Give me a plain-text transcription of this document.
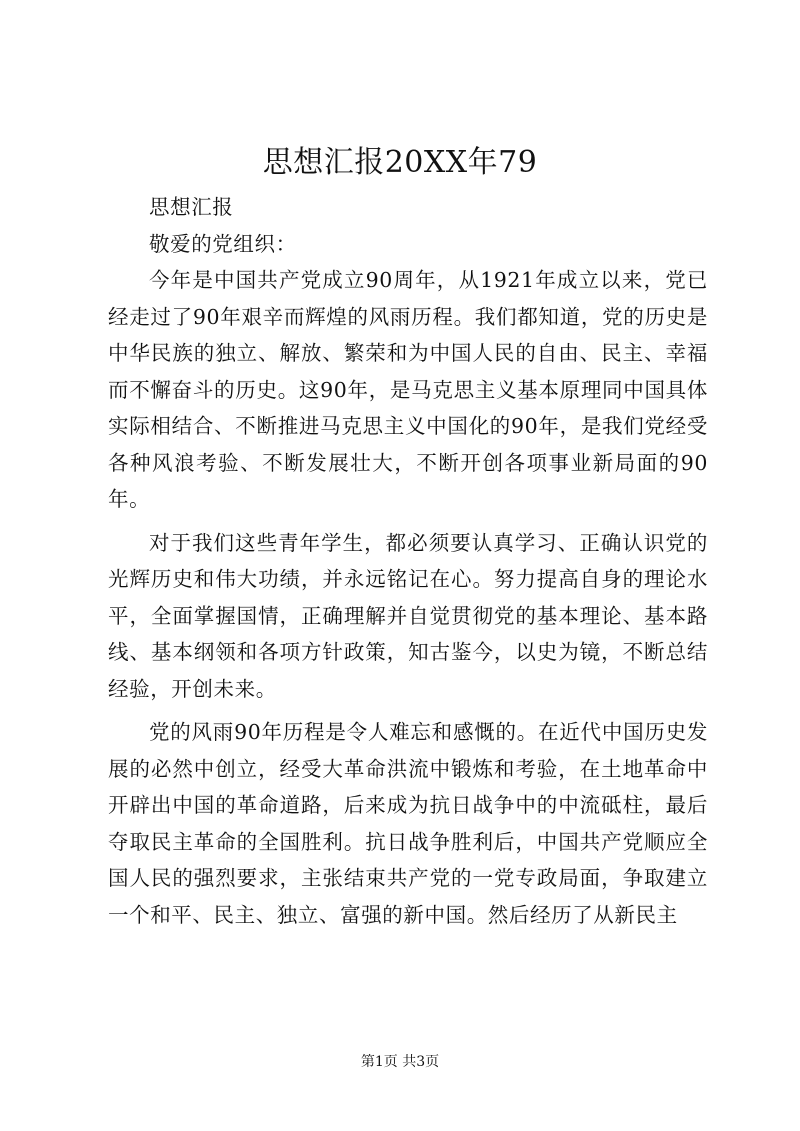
思想汇报20XX年79

思想汇报

敬爱的党组织：

今年是中国共产党成立90周年，从1921年成立以来，党已经走过了90年艰辛而辉煌的风雨历程。我们都知道，党的历史是中华民族的独立、解放、繁荣和为中国人民的自由、民主、幸福而不懈奋斗的历史。这90年，是马克思主义基本原理同中国具体实际相结合、不断推进马克思主义中国化的90年，是我们党经受各种风浪考验、不断发展壮大，不断开创各项事业新局面的90年。

对于我们这些青年学生，都必须要认真学习、正确认识党的光辉历史和伟大功绩，并永远铭记在心。努力提高自身的理论水平，全面掌握国情，正确理解并自觉贯彻党的基本理论、基本路线、基本纲领和各项方针政策，知古鉴今，以史为镜，不断总结经验，开创未来。

党的风雨90年历程是令人难忘和感慨的。在近代中国历史发展的必然中创立，经受大革命洪流中锻炼和考验，在土地革命中开辟出中国的革命道路，后来成为抗日战争中的中流砥柱，最后夺取民主革命的全国胜利。抗日战争胜利后，中国共产党顺应全国人民的强烈要求，主张结束共产党的一党专政局面，争取建立一个和平、民主、独立、富强的新中国。然后经历了从新民主

第1页 共3页
